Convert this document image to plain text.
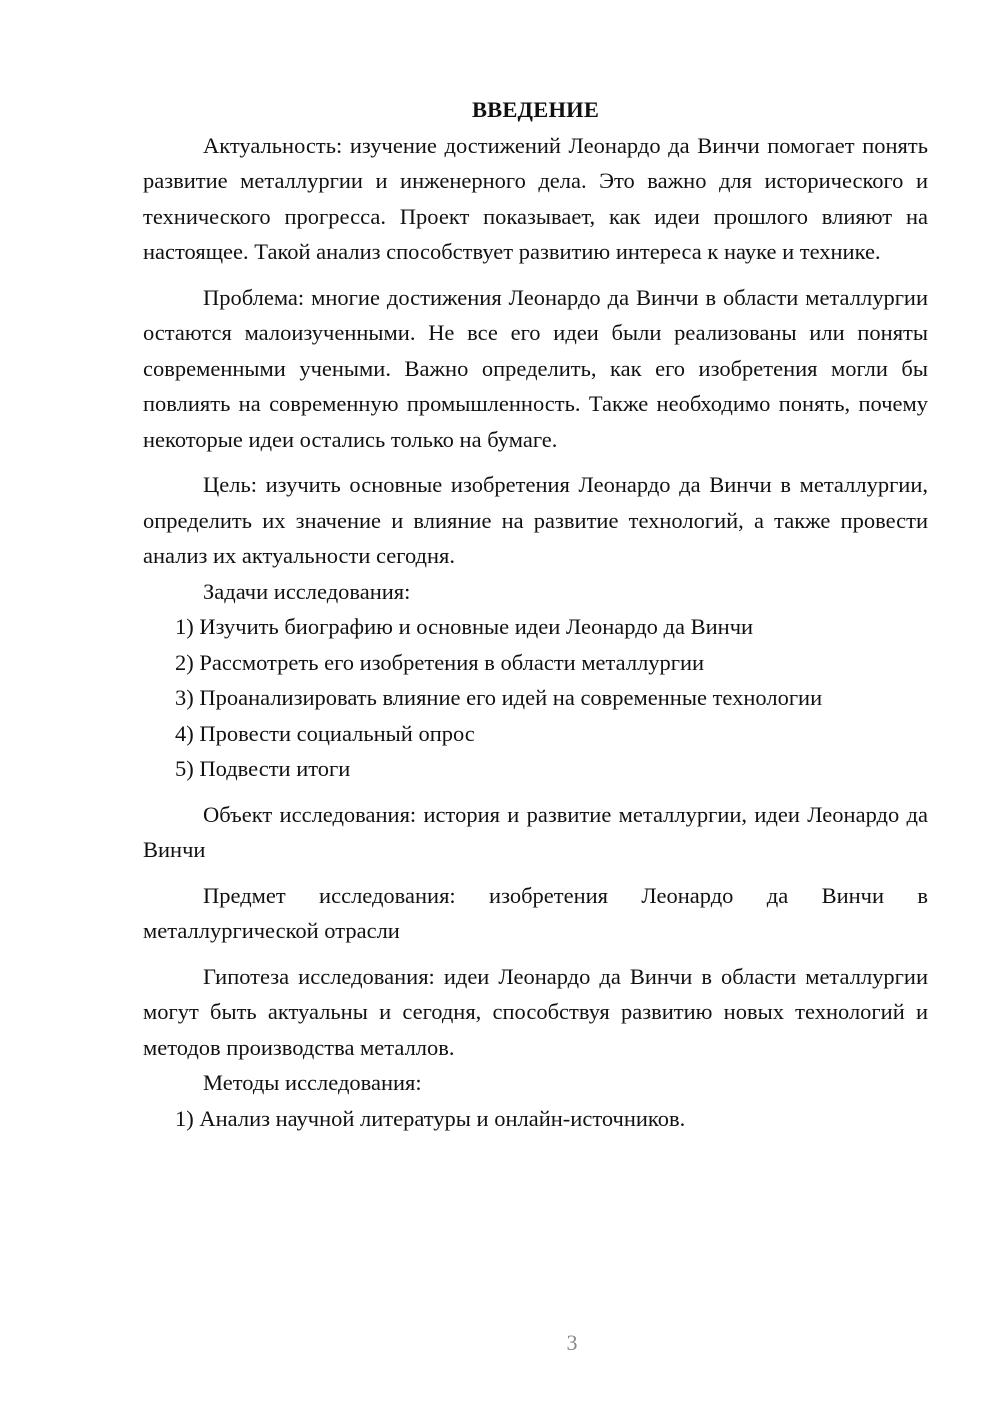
ВВЕДЕНИЕ

Актуальность: изучение достижений Леонардо да Винчи помогает понять развитие металлургии и инженерного дела. Это важно для исторического и технического прогресса. Проект показывает, как идеи прошлого влияют на настоящее. Такой анализ способствует развитию интереса к науке и технике.

Проблема: многие достижения Леонардо да Винчи в области металлургии остаются малоизученными. Не все его идеи были реализованы или поняты современными учеными. Важно определить, как его изобретения могли бы повлиять на современную промышленность. Также необходимо понять, почему некоторые идеи остались только на бумаге.

Цель: изучить основные изобретения Леонардо да Винчи в металлургии, определить их значение и влияние на развитие технологий, а также провести анализ их актуальности сегодня.

Задачи исследования:

1) Изучить биографию и основные идеи Леонардо да Винчи

2) Рассмотреть его изобретения в области металлургии

3) Проанализировать влияние его идей на современные технологии

4) Провести социальный опрос

5) Подвести итоги

Объект исследования: история и развитие металлургии, идеи Леонардо да Винчи

Предмет исследования: изобретения Леонардо да Винчи в металлургической отрасли

Гипотеза исследования: идеи Леонардо да Винчи в области металлургии могут быть актуальны и сегодня, способствуя развитию новых технологий и методов производства металлов.

Методы исследования:

1) Анализ научной литературы и онлайн-источников.

3
